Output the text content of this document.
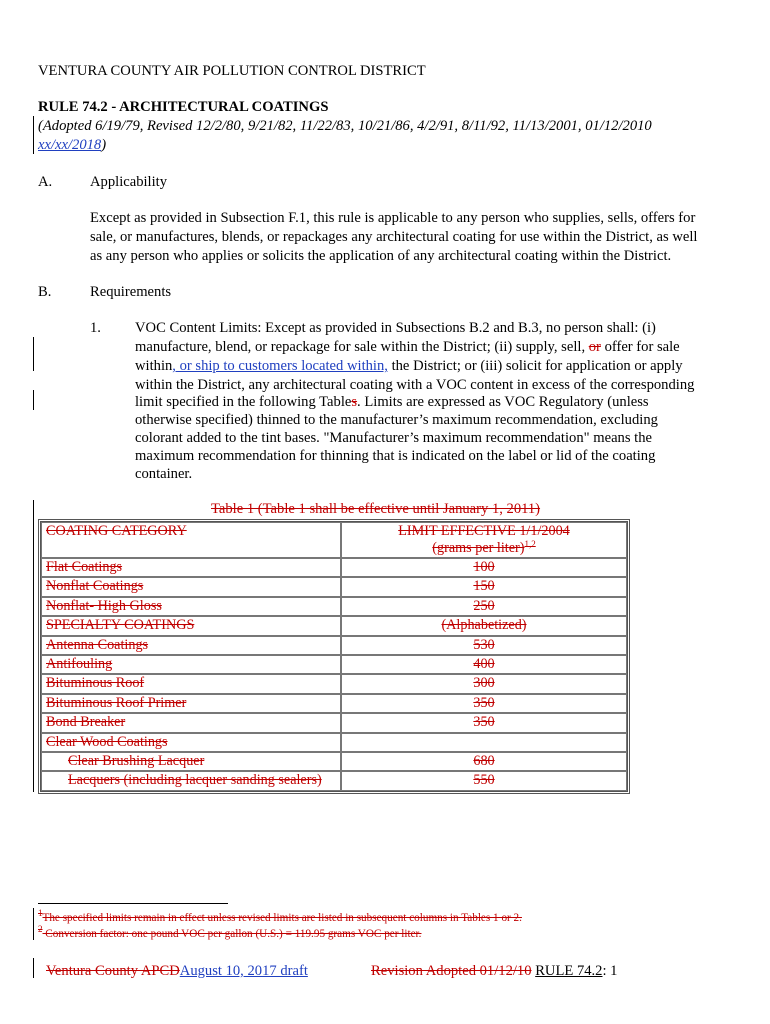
VENTURA COUNTY AIR POLLUTION CONTROL DISTRICT
RULE 74.2 - ARCHITECTURAL COATINGS
(Adopted 6/19/79, Revised 12/2/80, 9/21/82, 11/22/83, 10/21/86, 4/2/91, 8/11/92, 11/13/2001, 01/12/2010
xx/xx/2018)
A.	Applicability
Except as provided in Subsection F.1, this rule is applicable to any person who supplies, sells, offers for
sale, or manufactures, blends, or repackages any architectural coating for use within the District, as well
as any person who applies or solicits the application of any architectural coating within the District.
B.	Requirements
1. VOC Content Limits: Except as provided in Subsections B.2 and B.3, no person shall: (i)
manufacture, blend, or repackage for sale within the District; (ii) supply, sell, or offer for sale
within, or ship to customers located within, the District; or (iii) solicit for application or apply
within the District, any architectural coating with a VOC content in excess of the corresponding
limit specified in the following Tables. Limits are expressed as VOC Regulatory (unless
otherwise specified) thinned to the manufacturer’s maximum recommendation, excluding
colorant added to the tint bases. "Manufacturer’s maximum recommendation" means the
maximum recommendation for thinning that is indicated on the label or lid of the coating
container.
Table 1 (Table 1 shall be effective until January 1, 2011)
COATING CATEGORY	LIMIT EFFECTIVE 1/1/2004
(grams per liter)$^{1,2}$

Flat Coatings	100
Nonflat Coatings	150
Nonflat- High Gloss	250
SPECIALTY COATINGS	(Alphabetized)
Antenna Coatings	530
Antifouling	400
Bituminous Roof	300
Bituminous Roof Primer	350
Bond Breaker	350
Clear Wood Coatings	
Clear Brushing Lacquer	680
Lacquers (including lacquer sanding sealers)	550
$^1$The specified limits remain in effect unless revised limits are listed in subsequent columns in Tables 1 or 2.
$^2$ Conversion factor: one pound VOC per gallon (U.S.) = 119.95 grams VOC per liter.
Ventura County APCDAugust 10, 2017 draft	Revision Adopted 01/12/10 RULE 74.2: 1
